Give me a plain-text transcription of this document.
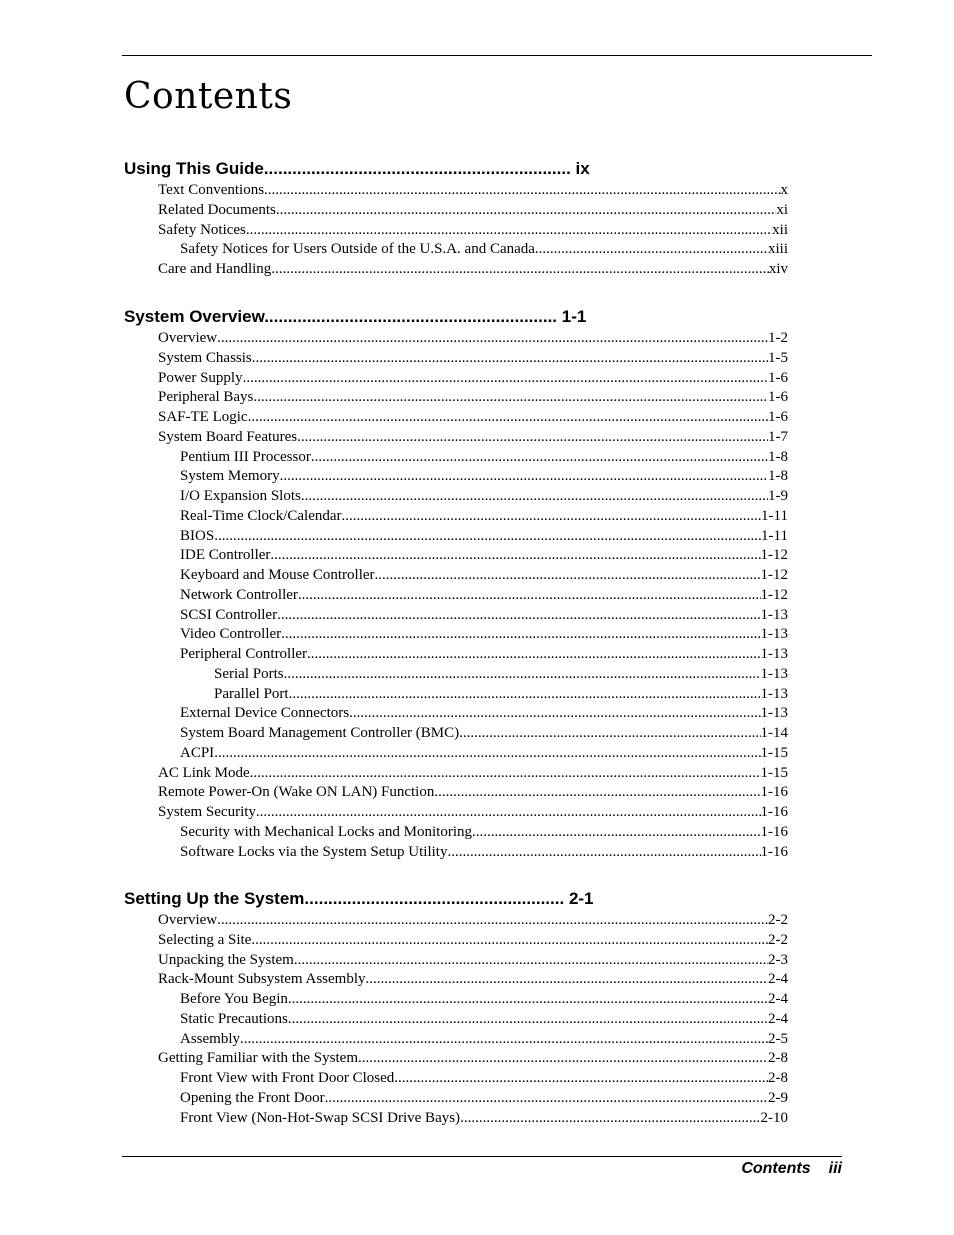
Contents
Using This Guide................................................................. ix
Text Conventions .....	x
Related Documents .....	xi
Safety Notices .....	xii
Safety Notices for Users Outside of the U.S.A. and Canada .....	xiii
Care and Handling .....	xiv
System Overview.............................................................. 1-1
Overview .....	1-2
System Chassis .....	1-5
Power Supply .....	1-6
Peripheral Bays .....	1-6
SAF-TE Logic .....	1-6
System Board Features .....	1-7
Pentium III Processor .....	1-8
System Memory .....	1-8
I/O Expansion Slots .....	1-9
Real-Time Clock/Calendar .....	1-11
BIOS .....	1-11
IDE Controller .....	1-12
Keyboard and Mouse Controller .....	1-12
Network Controller .....	1-12
SCSI Controller .....	1-13
Video Controller .....	1-13
Peripheral Controller .....	1-13
Serial Ports .....	1-13
Parallel Port .....	1-13
External Device Connectors .....	1-13
System Board Management Controller (BMC) .....	1-14
ACPI .....	1-15
AC Link Mode .....	1-15
Remote Power-On (Wake ON LAN) Function .....	1-16
System Security .....	1-16
Security with Mechanical Locks and Monitoring .....	1-16
Software Locks via the System Setup Utility .....	1-16
Setting Up the System....................................................... 2-1
Overview .....	2-2
Selecting a Site .....	2-2
Unpacking the System .....	2-3
Rack-Mount Subsystem Assembly .....	2-4
Before You Begin .....	2-4
Static Precautions .....	2-4
Assembly .....	2-5
Getting Familiar with the System .....	2-8
Front View with Front Door Closed .....	2-8
Opening the Front Door .....	2-9
Front View (Non-Hot-Swap SCSI Drive Bays) .....	2-10
Contents iii
